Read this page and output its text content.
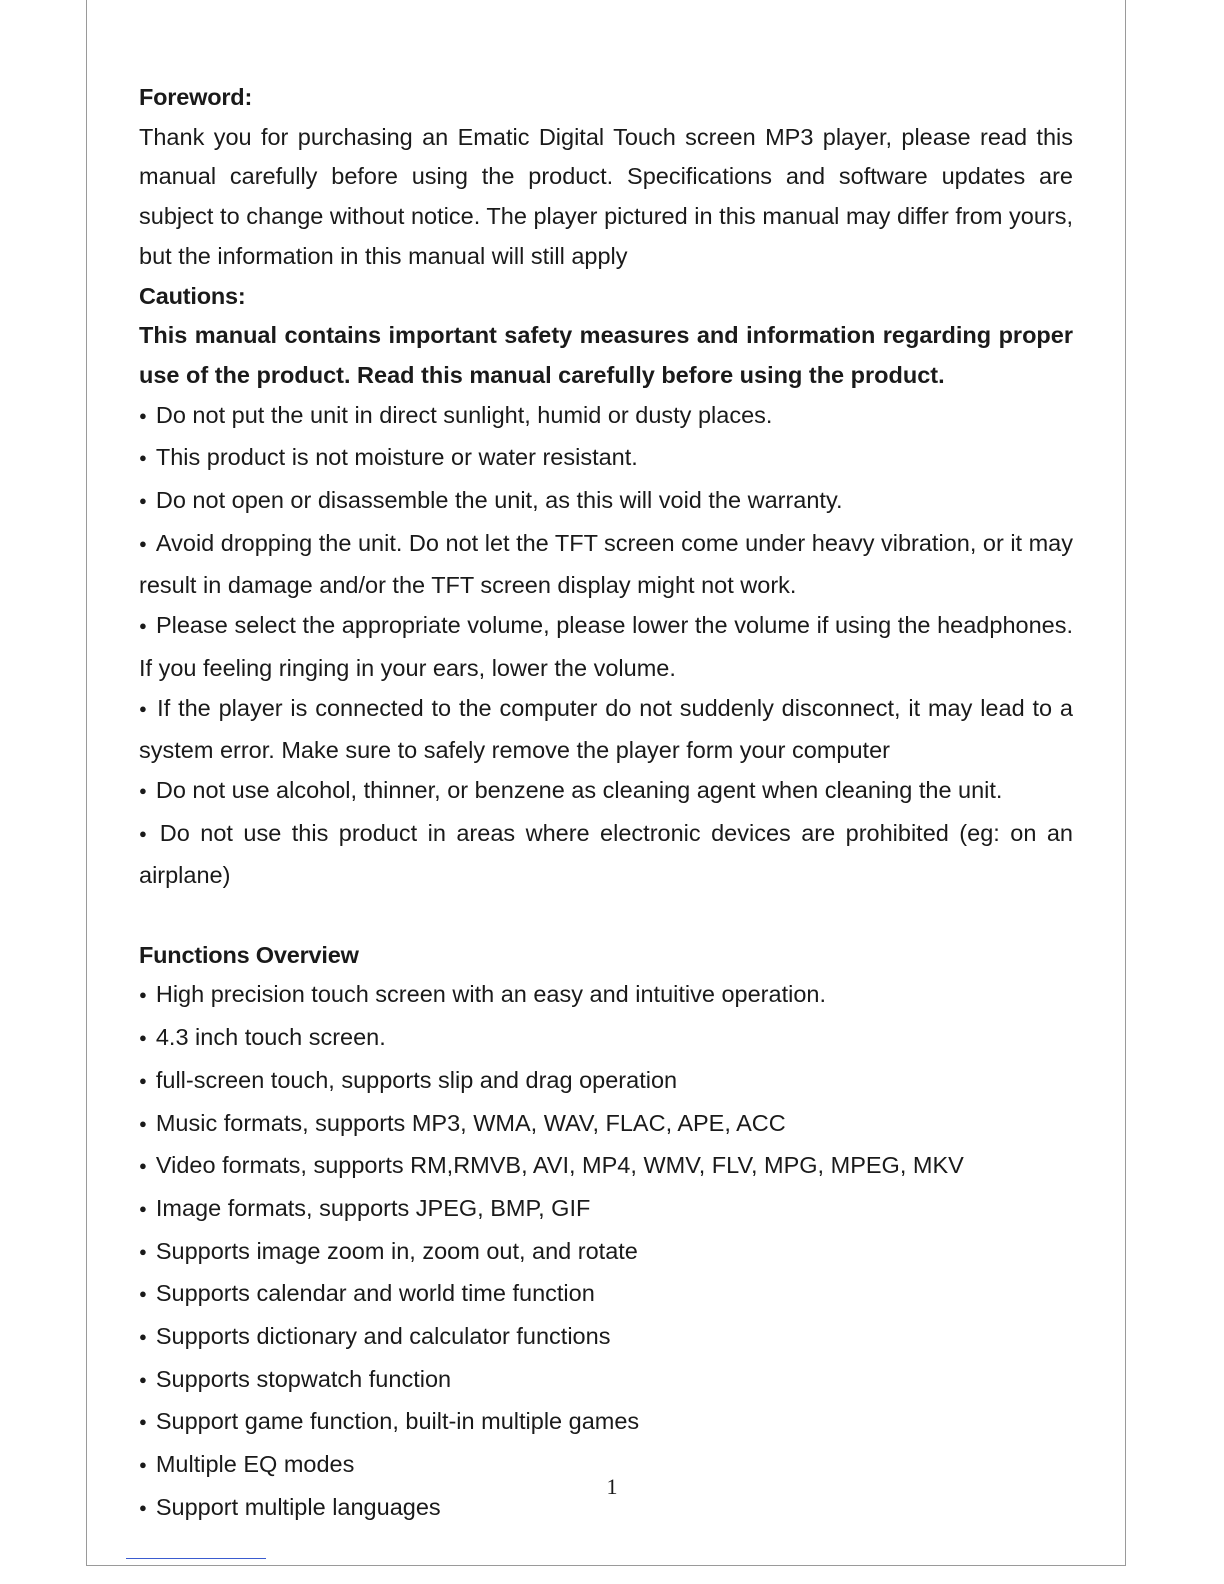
Foreword:

Thank you for purchasing an Ematic Digital Touch screen MP3 player, please read this manual carefully before using the product. Specifications and software updates are subject to change without notice. The player pictured in this manual may differ from yours, but the information in this manual will still apply

Cautions:

This manual contains important safety measures and information regarding proper use of the product. Read this manual carefully before using the product.

● Do not put the unit in direct sunlight, humid or dusty places.

● This product is not moisture or water resistant.

● Do not open or disassemble the unit, as this will void the warranty.

● Avoid dropping the unit. Do not let the TFT screen come under heavy vibration, or it may result in damage and/or the TFT screen display might not work.

● Please select the appropriate volume, please lower the volume if using the headphones. If you feeling ringing in your ears, lower the volume.

● If the player is connected to the computer do not suddenly disconnect, it may lead to a system error. Make sure to safely remove the player form your computer

● Do not use alcohol, thinner, or benzene as cleaning agent when cleaning the unit.

● Do not use this product in areas where electronic devices are prohibited (eg: on an airplane)

Functions Overview

● High precision touch screen with an easy and intuitive operation.

● 4.3 inch touch screen.

● full-screen touch, supports slip and drag operation

● Music formats, supports MP3, WMA, WAV, FLAC, APE, ACC

● Video formats, supports RM,RMVB, AVI, MP4, WMV, FLV, MPG, MPEG, MKV

● Image formats, supports JPEG, BMP, GIF

● Supports image zoom in, zoom out, and rotate

● Supports calendar and world time function

● Supports dictionary and calculator functions

● Supports stopwatch function

● Support game function, built-in multiple games

● Multiple EQ modes

● Support multiple languages

1
